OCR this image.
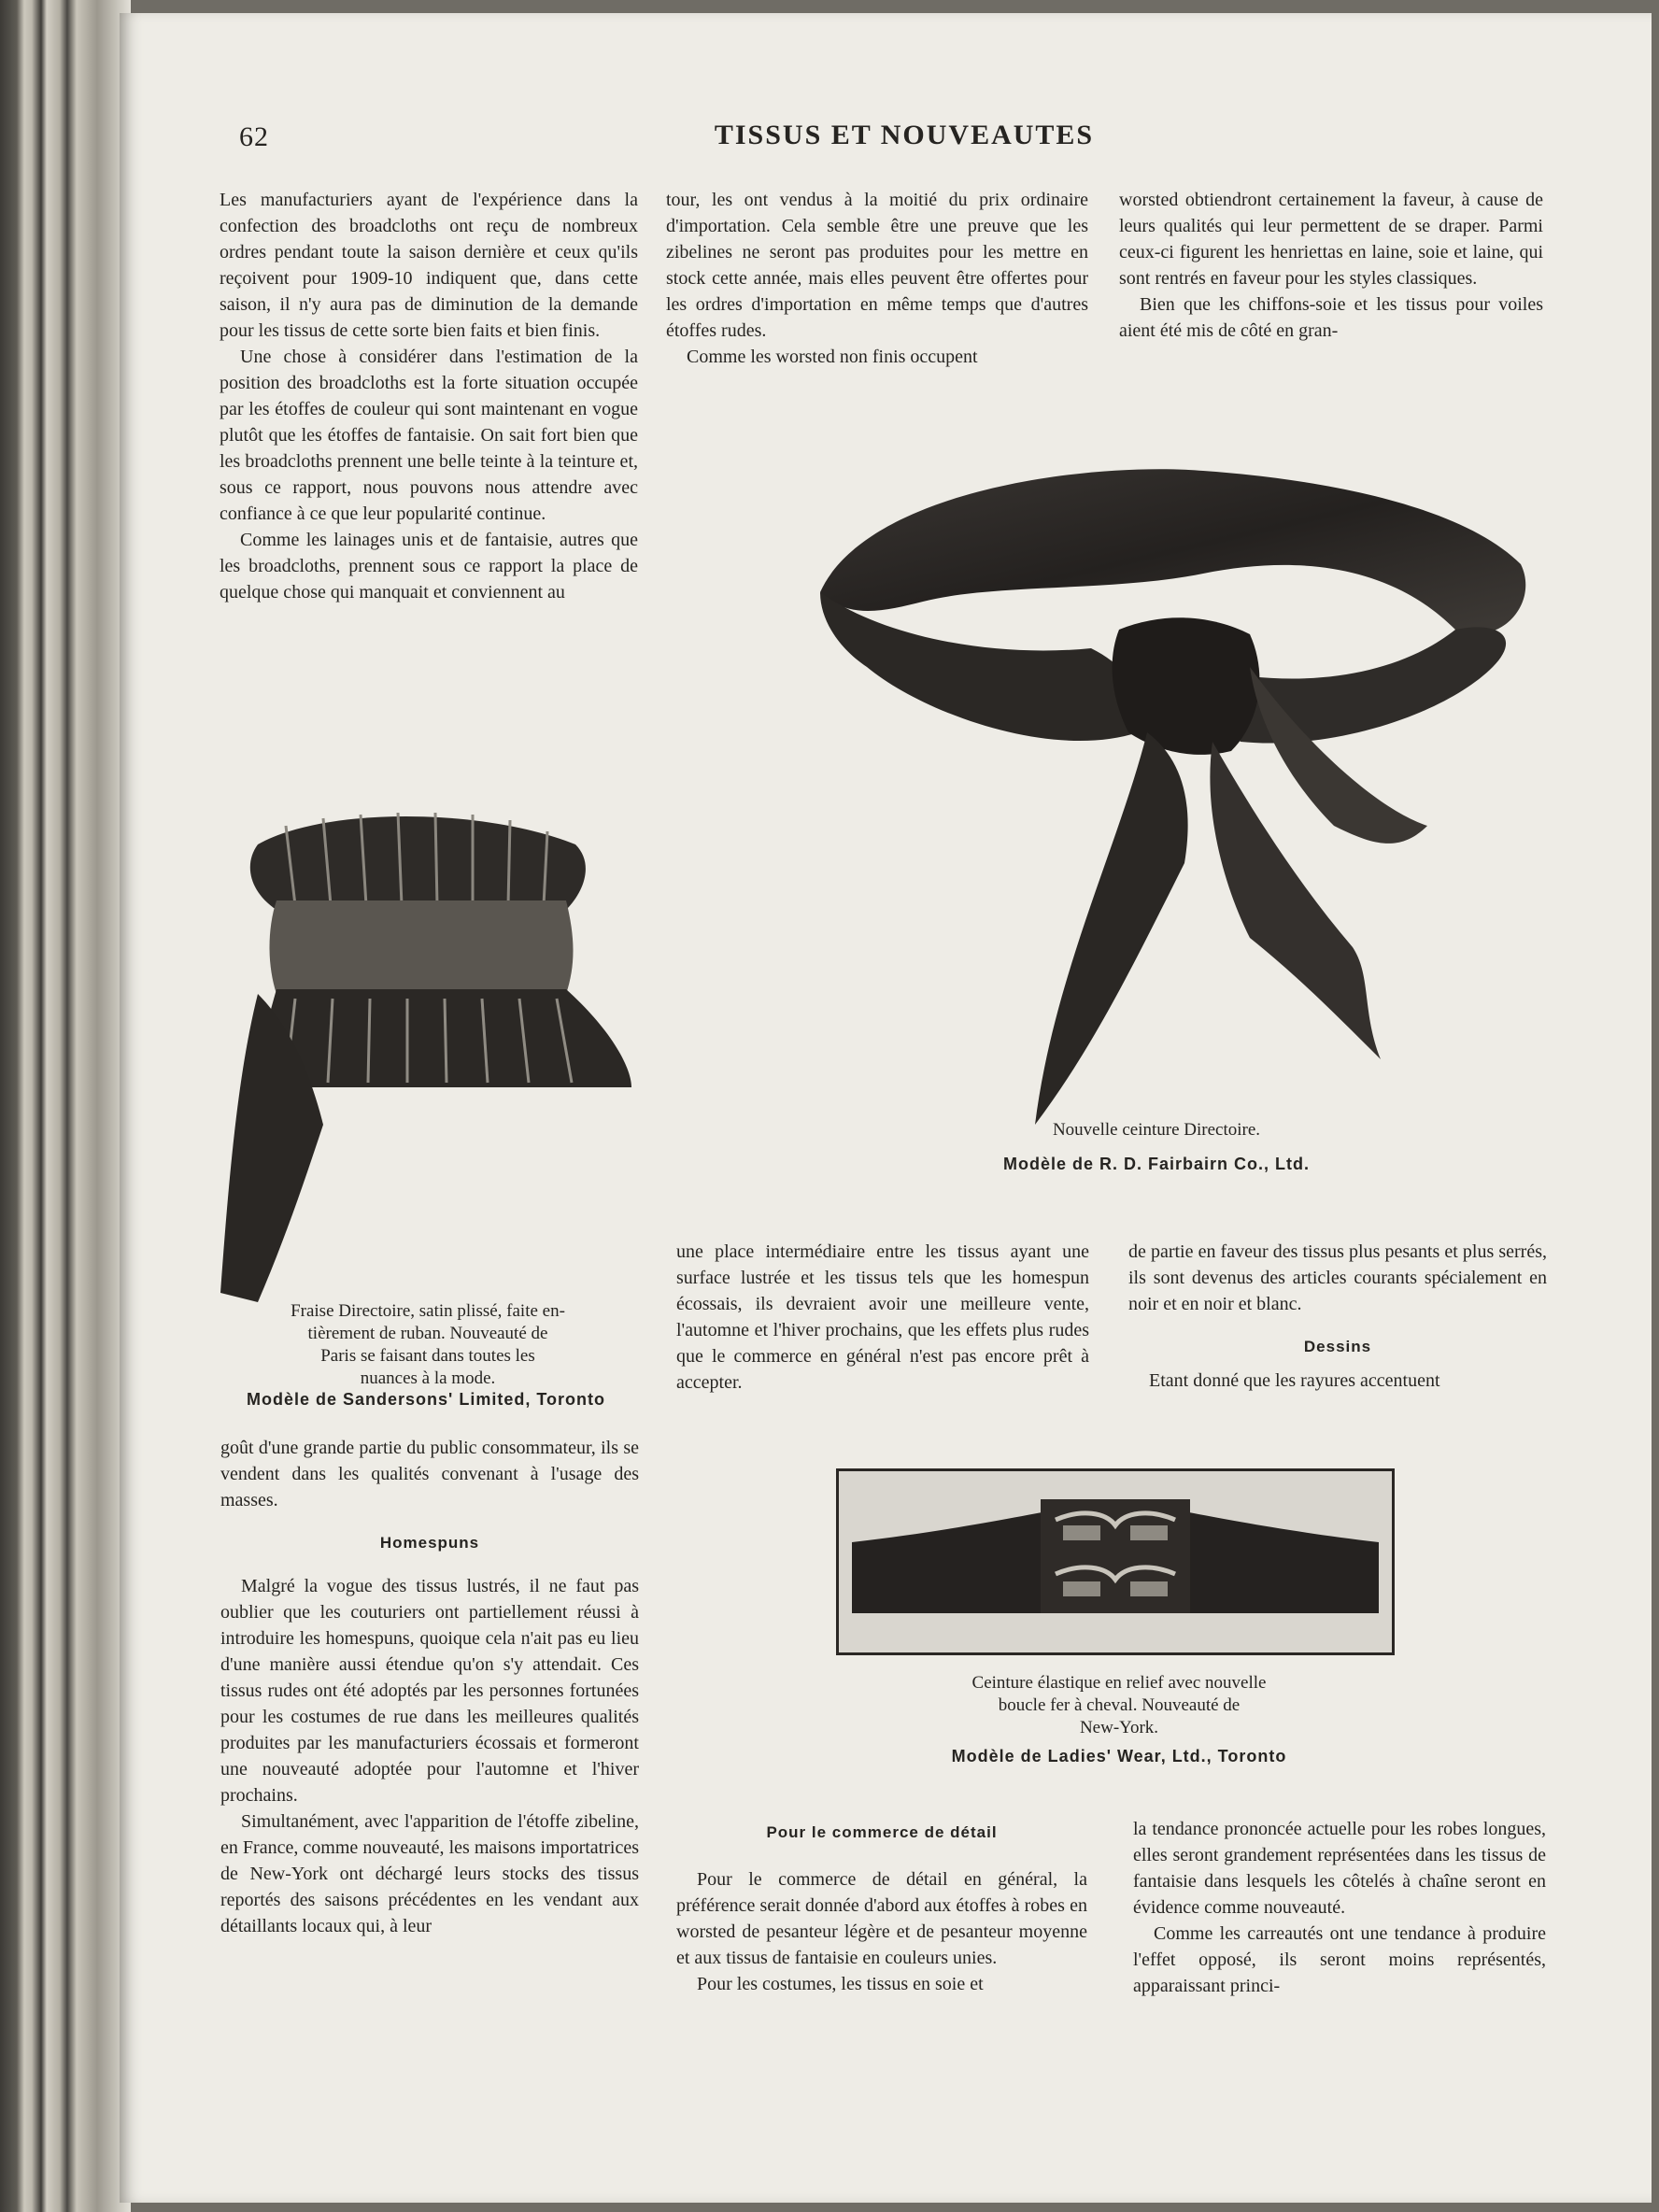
62	TISSUS ET NOUVEAUTES

Les manufacturiers ayant de l'expérience dans la confection des broadcloths ont reçu de nombreux ordres pendant toute la saison dernière et ceux qu'ils reçoivent pour 1909-10 indiquent que, dans cette saison, il n'y aura pas de diminution de la demande pour les tissus de cette sorte bien faits et bien finis.

Une chose à considérer dans l'estimation de la position des broadcloths est la forte situation occupée par les étoffes de couleur qui sont maintenant en vogue plutôt que les étoffes de fantaisie. On sait fort bien que les broadcloths prennent une belle teinte à la teinture et, sous ce rapport, nous pouvons nous attendre avec confiance à ce que leur popularité continue.

Comme les lainages unis et de fantaisie, autres que les broadcloths, prennent sous ce rapport la place de quelque chose qui manquait et conviennent au

tour, les ont vendus à la moitié du prix ordinaire d'importation. Cela semble être une preuve que les zibelines ne seront pas produites pour les mettre en stock cette année, mais elles peuvent être offertes pour les ordres d'importation en même temps que d'autres étoffes rudes.

Comme les worsted non finis occupent

worsted obtiendront certainement la faveur, à cause de leurs qualités qui leur permettent de se draper. Parmi ceux-ci figurent les henriettas en laine, soie et laine, qui sont rentrés en faveur pour les styles classiques.

Bien que les chiffons-soie et les tissus pour voiles aient été mis de côté en gran-

Nouvelle ceinture Directoire.
Modèle de R. D. Fairbairn Co., Ltd.
Fraise Directoire, satin plissé, faite en-
tièrement de ruban. Nouveauté de
Paris se faisant dans toutes les
nuances à la mode.
Modèle de Sandersons' Limited, Toronto

une place intermédiaire entre les tissus ayant une surface lustrée et les tissus tels que les homespun écossais, ils devraient avoir une meilleure vente, l'automne et l'hiver prochains, que les effets plus rudes que le commerce en général n'est pas encore prêt à accepter.

de partie en faveur des tissus plus pesants et plus serrés, ils sont devenus des articles courants spécialement en noir et en noir et blanc.

Dessins

Etant donné que les rayures accentuent

goût d'une grande partie du public consommateur, ils se vendent dans les qualités convenant à l'usage des masses.

Homespuns

Malgré la vogue des tissus lustrés, il ne faut pas oublier que les couturiers ont partiellement réussi à introduire les homespuns, quoique cela n'ait pas eu lieu d'une manière aussi étendue qu'on s'y attendait. Ces tissus rudes ont été adoptés par les personnes fortunées pour les costumes de rue dans les meilleures qualités produites par les manufacturiers écossais et formeront une nouveauté adoptée pour l'automne et l'hiver prochains.

Simultanément, avec l'apparition de l'étoffe zibeline, en France, comme nouveauté, les maisons importatrices de New-York ont déchargé leurs stocks des tissus reportés des saisons précédentes en les vendant aux détaillants locaux qui, à leur

Ceinture élastique en relief avec nouvelle
boucle fer à cheval. Nouveauté de
New-York.
Modèle de Ladies' Wear, Ltd., Toronto
Pour le commerce de détail

Pour le commerce de détail en général, la préférence serait donnée d'abord aux étoffes à robes en worsted de pesanteur légère et de pesanteur moyenne et aux tissus de fantaisie en couleurs unies.

Pour les costumes, les tissus en soie et

la tendance prononcée actuelle pour les robes longues, elles seront grandement représentées dans les tissus de fantaisie dans lesquels les côtelés à chaîne seront en évidence comme nouveauté.

Comme les carreautés ont une tendance à produire l'effet opposé, ils seront moins représentés, apparaissant princi-
